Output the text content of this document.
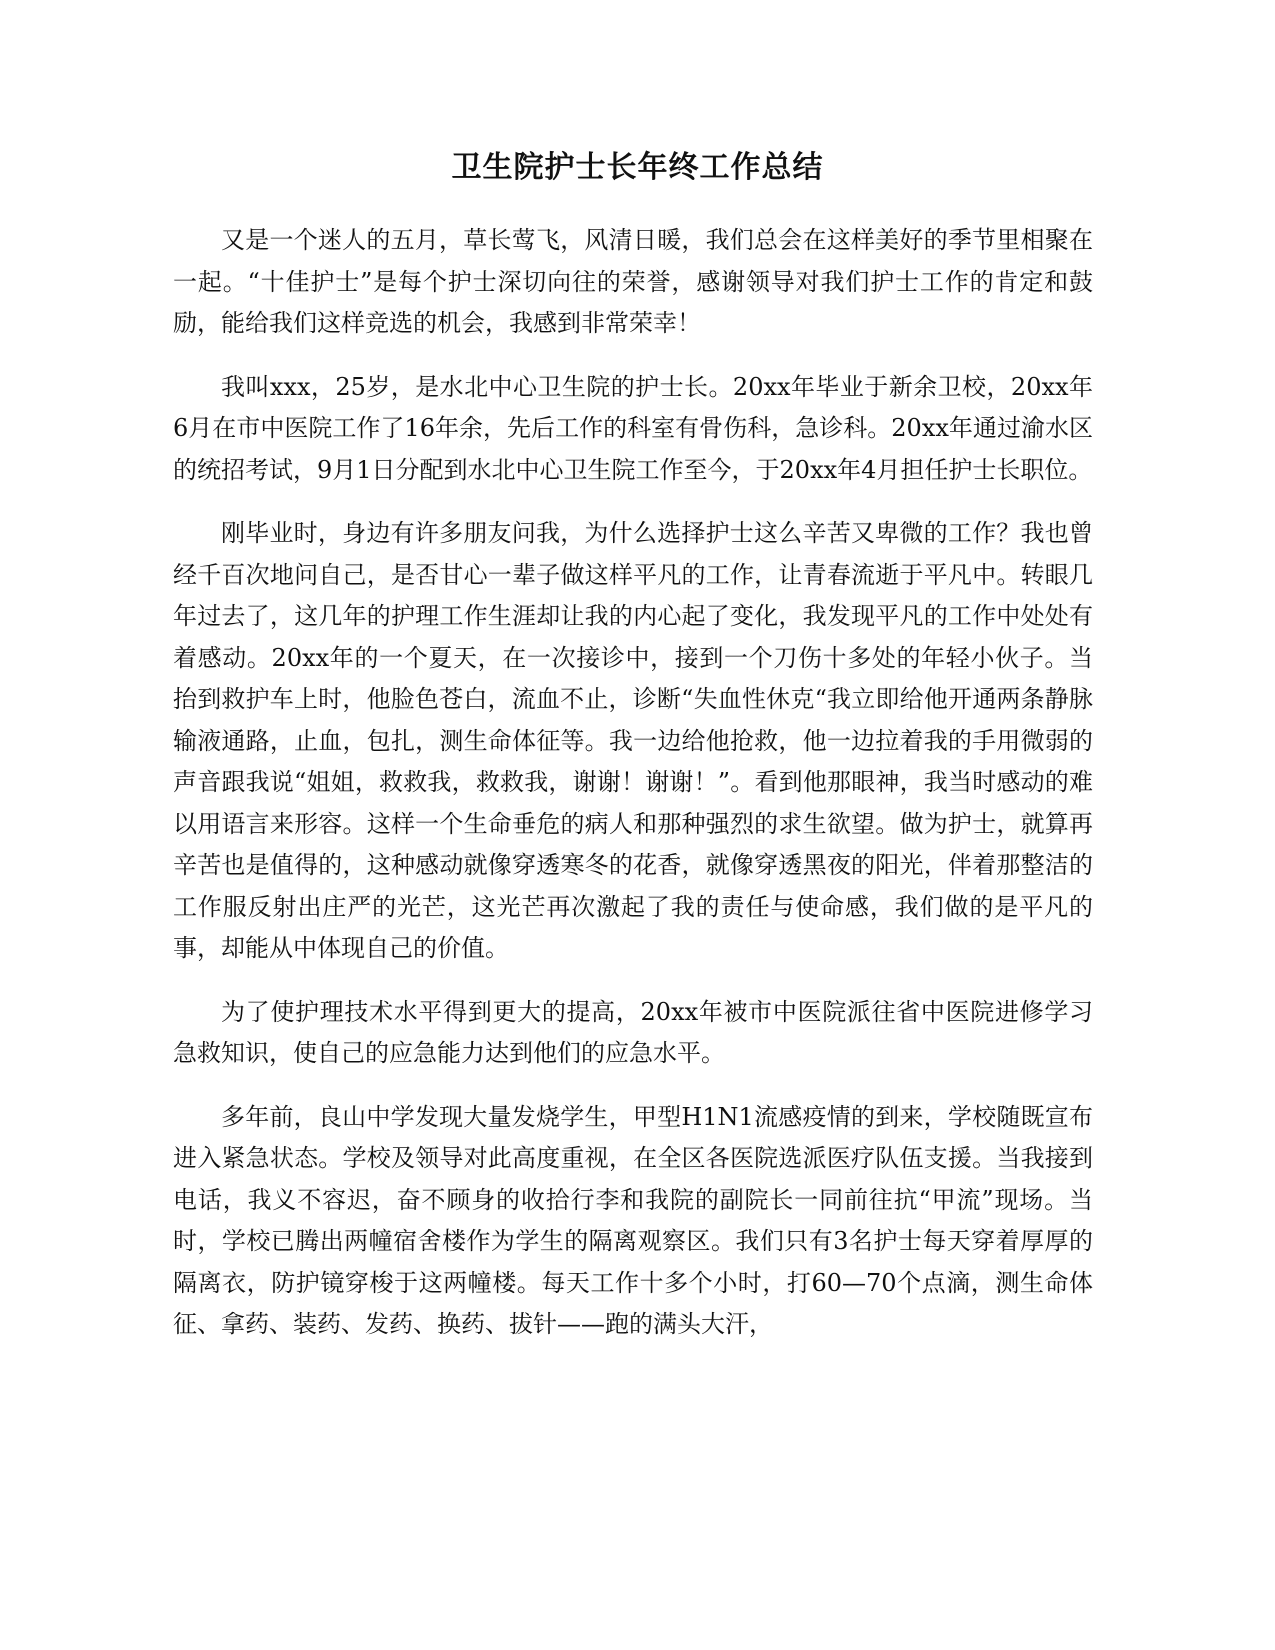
卫生院护士长年终工作总结

又是一个迷人的五月，草长莺飞，风清日暖，我们总会在这样美好的季节里相聚在一起。“十佳护士”是每个护士深切向往的荣誉，感谢领导对我们护士工作的肯定和鼓励，能给我们这样竞选的机会，我感到非常荣幸！

我叫xxx，25岁，是水北中心卫生院的护士长。20xx年毕业于新余卫校，20xx年6月在市中医院工作了16年余，先后工作的科室有骨伤科，急诊科。20xx年通过渝水区的统招考试，9月1日分配到水北中心卫生院工作至今，于20xx年4月担任护士长职位。

刚毕业时，身边有许多朋友问我，为什么选择护士这么辛苦又卑微的工作？我也曾经千百次地问自己，是否甘心一辈子做这样平凡的工作，让青春流逝于平凡中。转眼几年过去了，这几年的护理工作生涯却让我的内心起了变化，我发现平凡的工作中处处有着感动。20xx年的一个夏天，在一次接诊中，接到一个刀伤十多处的年轻小伙子。当抬到救护车上时，他脸色苍白，流血不止，诊断“失血性休克“我立即给他开通两条静脉输液通路，止血，包扎，测生命体征等。我一边给他抢救，他一边拉着我的手用微弱的声音跟我说“姐姐，救救我，救救我，谢谢！谢谢！”。看到他那眼神，我当时感动的难以用语言来形容。这样一个生命垂危的病人和那种强烈的求生欲望。做为护士，就算再辛苦也是值得的，这种感动就像穿透寒冬的花香，就像穿透黑夜的阳光，伴着那整洁的工作服反射出庄严的光芒，这光芒再次激起了我的责任与使命感，我们做的是平凡的事，却能从中体现自己的价值。

为了使护理技术水平得到更大的提高，20xx年被市中医院派往省中医院进修学习急救知识，使自己的应急能力达到他们的应急水平。

多年前，良山中学发现大量发烧学生，甲型H1N1流感疫情的到来，学校随既宣布进入紧急状态。学校及领导对此高度重视，在全区各医院选派医疗队伍支援。当我接到电话，我义不容迟，奋不顾身的收拾行李和我院的副院长一同前往抗“甲流”现场。当时，学校已腾出两幢宿舍楼作为学生的隔离观察区。我们只有3名护士每天穿着厚厚的隔离衣，防护镜穿梭于这两幢楼。每天工作十多个小时，打60—70个点滴，测生命体征、拿药、装药、发药、换药、拔针——跑的满头大汗，
